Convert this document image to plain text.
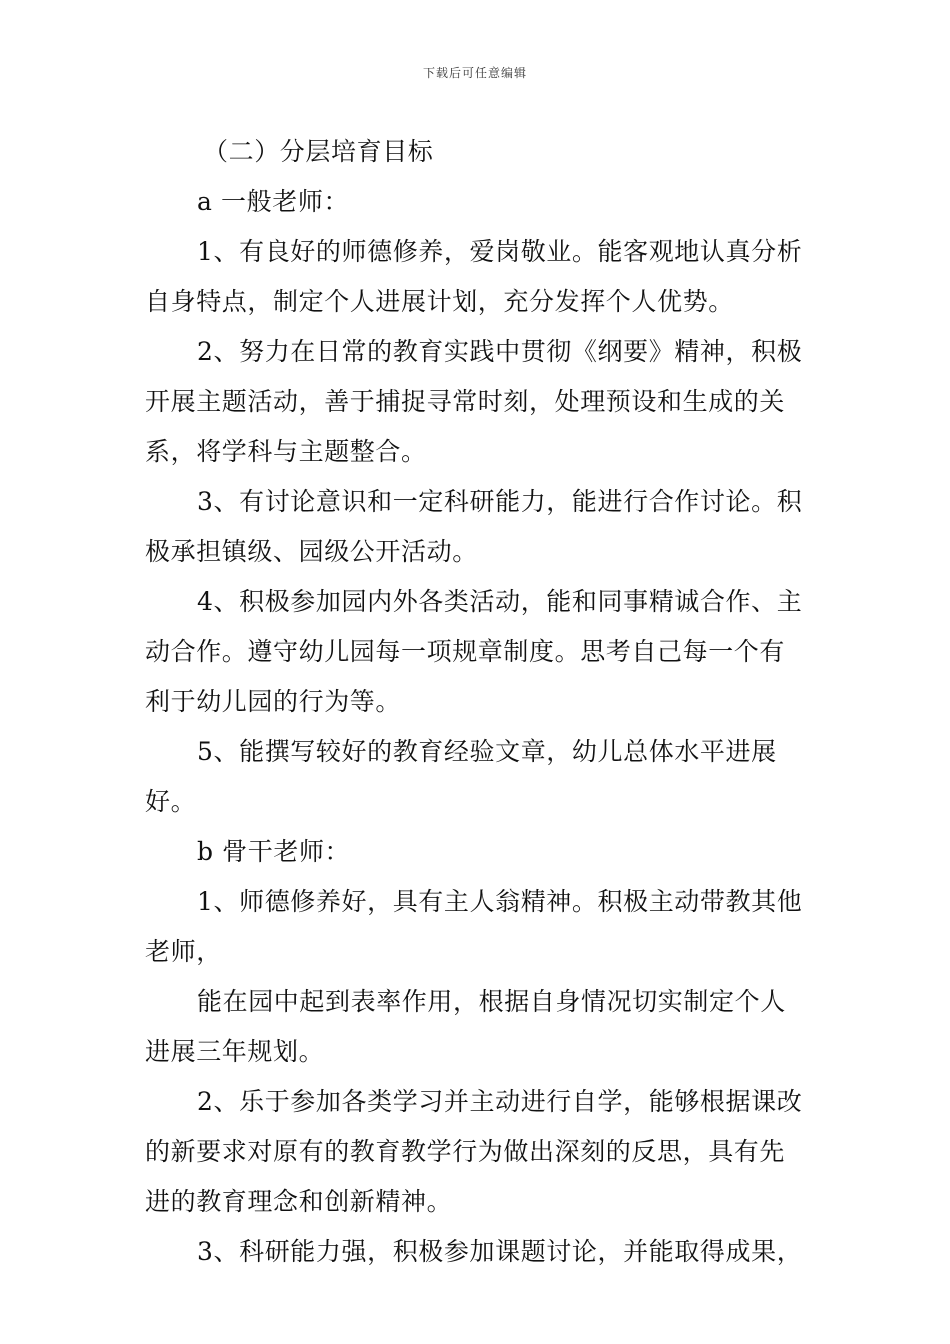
下载后可任意编辑

（二）分层培育目标

a 一般老师：

1、有良好的师德修养，爱岗敬业。能客观地认真分析自身特点，制定个人进展计划，充分发挥个人优势。

2、努力在日常的教育实践中贯彻《纲要》精神，积极开展主题活动，善于捕捉寻常时刻，处理预设和生成的关系，将学科与主题整合。

3、有讨论意识和一定科研能力，能进行合作讨论。积极承担镇级、园级公开活动。

4、积极参加园内外各类活动，能和同事精诚合作、主动合作。遵守幼儿园每一项规章制度。思考自己每一个有利于幼儿园的行为等。

5、能撰写较好的教育经验文章，幼儿总体水平进展好。

b 骨干老师：

1、师德修养好，具有主人翁精神。积极主动带教其他老师，

能在园中起到表率作用，根据自身情况切实制定个人进展三年规划。

2、乐于参加各类学习并主动进行自学，能够根据课改的新要求对原有的教育教学行为做出深刻的反思，具有先进的教育理念和创新精神。

3、科研能力强，积极参加课题讨论，并能取得成果，
